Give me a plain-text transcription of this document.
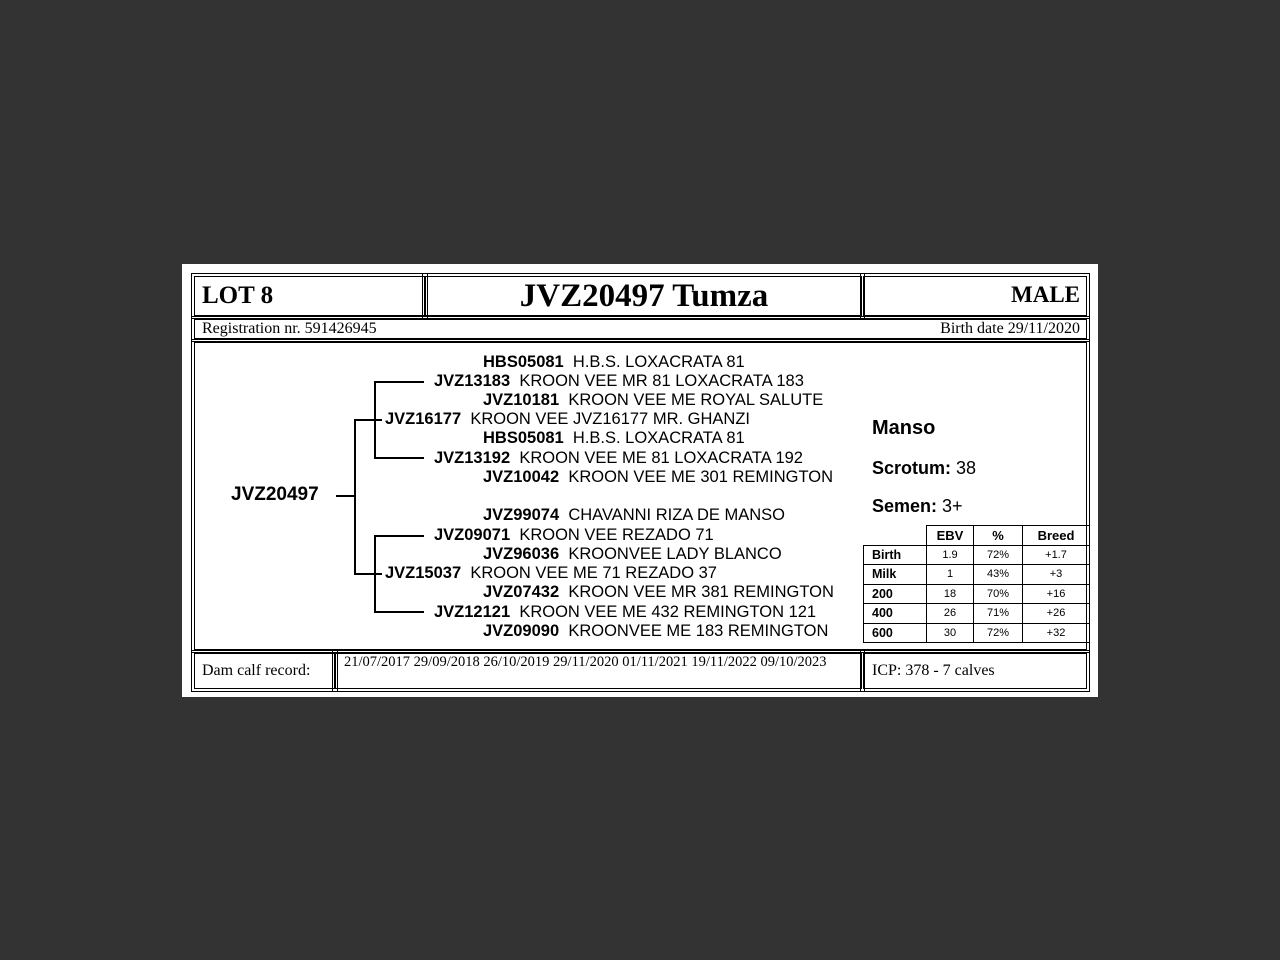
LOT 8	JVZ20497 Tumza	MALE
Registration nr. 591426945	Birth date 29/11/2020
JVZ20497
HBS05081 H.B.S. LOXACRATA 81
JVZ13183 KROON VEE MR 81 LOXACRATA 183
JVZ10181 KROON VEE ME ROYAL SALUTE
JVZ16177 KROON VEE JVZ16177 MR. GHANZI
HBS05081 H.B.S. LOXACRATA 81
JVZ13192 KROON VEE ME 81 LOXACRATA 192
JVZ10042  KROON VEE ME 301 REMINGTON
JVZ99074 CHAVANNI RIZA DE MANSO
JVZ09071 KROON VEE REZADO 71
JVZ96036 KROONVEE LADY BLANCO
JVZ15037 KROON VEE ME 71 REZADO 37
JVZ07432 KROON VEE MR 381 REMINGTON
JVZ12121 KROON VEE ME 432 REMINGTON 121
JVZ09090 KROONVEE ME 183 REMINGTON
Manso
Scrotum: 38
Semen: 3+
	EBV	%	Breed
Birth	1.9	72%	+1.7
Milk	1	43%	+3
200	18	70%	+16
400	26	71%	+26
600	30	72%	+32
Dam calf record: 21/07/2017 29/09/2018 26/10/2019 29/11/2020 01/11/2021 19/11/2022 09/10/2023	ICP: 378 - 7 calves
